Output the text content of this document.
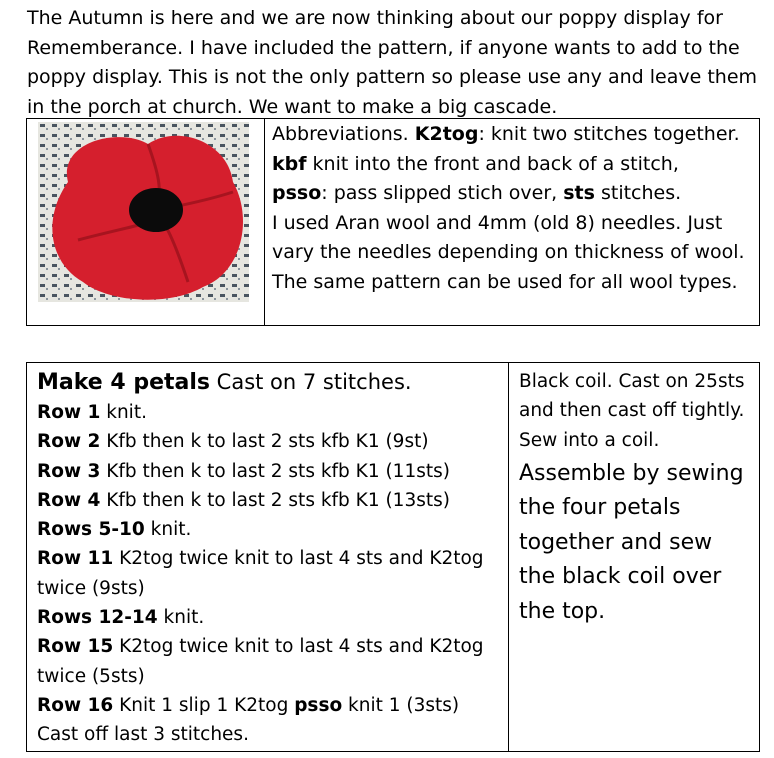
The Autumn is here and we are now thinking about our poppy display for Rememberance. I have included the pattern, if anyone wants to add to the poppy display. This is not the only pattern so please use any and leave them in the porch at church. We want to make a big cascade.

Abbreviations. K2tog: knit two stitches together.
kbf knit into the front and back of a stitch,
psso: pass slipped stich over, sts stitches.
I used Aran wool and 4mm (old 8) needles. Just vary the needles depending on thickness of wool. The same pattern can be used for all wool types.
Make 4 petals Cast on 7 stitches.
Row 1 knit.
Row 2 Kfb then k to last 2 sts kfb K1 (9st)
Row 3 Kfb then k to last 2 sts kfb K1 (11sts)
Row 4 Kfb then k to last 2 sts kfb K1 (13sts)
Rows 5-10 knit.
Row 11 K2tog twice knit to last 4 sts and K2tog twice (9sts)
Rows 12-14 knit.
Row 15 K2tog twice knit to last 4 sts and K2tog twice (5sts)
Row 16 Knit 1 slip 1 K2tog psso knit 1 (3sts)
Cast off last 3 stitches.
Black coil. Cast on 25sts and then cast off tightly. Sew into a coil.
Assemble by sewing the four petals together and sew the black coil over the top.
